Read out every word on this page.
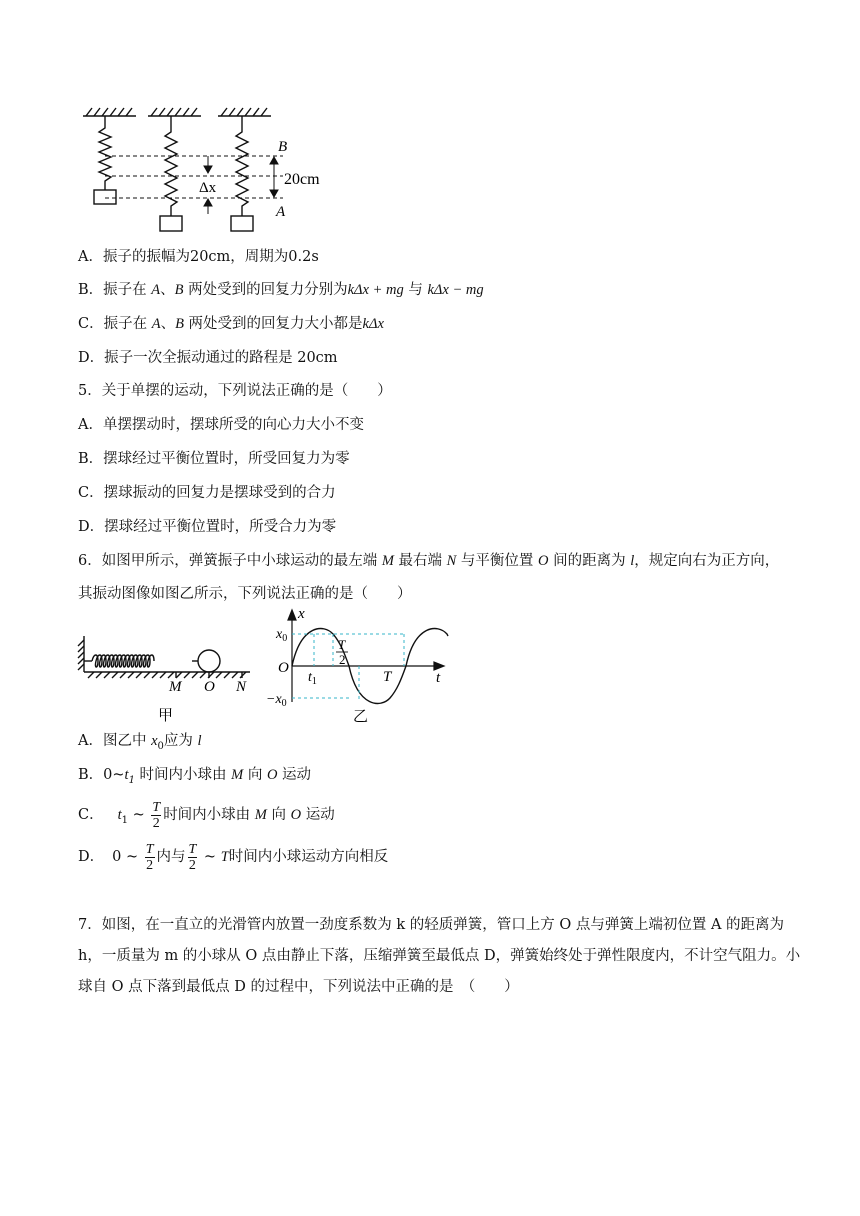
B
A
Δx	20cm
A．振子的振幅为20cm，周期为0.2s
B．振子在 A、B 两处受到的回复力分别为kΔx + mg 与 kΔx − mg
C．振子在 A、B 两处受到的回复力大小都是kΔx
D．振子一次全振动通过的路程是 20cm
5．关于单摆的运动，下列说法正确的是（　　）
A．单摆摆动时，摆球所受的向心力大小不变
B．摆球经过平衡位置时，所受回复力为零
C．摆球振动的回复力是摆球受到的合力
D．摆球经过平衡位置时，所受合力为零
6．如图甲所示，弹簧振子中小球运动的最左端 M 最右端 N 与平衡位置 O 间的距离为 l，规定向右为正方向，
其振动图像如图乙所示，下列说法正确的是（　　）
M O N
甲
x
$x_0$
$-x_0$
O
$t_1$
T
2
T	t
乙
A．图乙中 $x_0$应为 l
B．$0\sim t_1$ 时间内小球由 M 向 O 运动
C． $t_1$ ~ $\frac{T}{2}$ 时间内小球由 M 向 O 运动
D． 0 ~ $\frac{T}{2}$ 内与 $\frac{T}{2}$ ~ T时间内小球运动方向相反
7．如图，在一直立的光滑管内放置一劲度系数为 k 的轻质弹簧，管口上方 O 点与弹簧上端初位置 A 的距离为 h，一质量为 m 的小球从 O 点由静止下落，压缩弹簧至最低点 D，弹簧始终处于弹性限度内，不计空气阻力。小球自 O 点下落到最低点 D 的过程中，下列说法中正确的是　（　　）
